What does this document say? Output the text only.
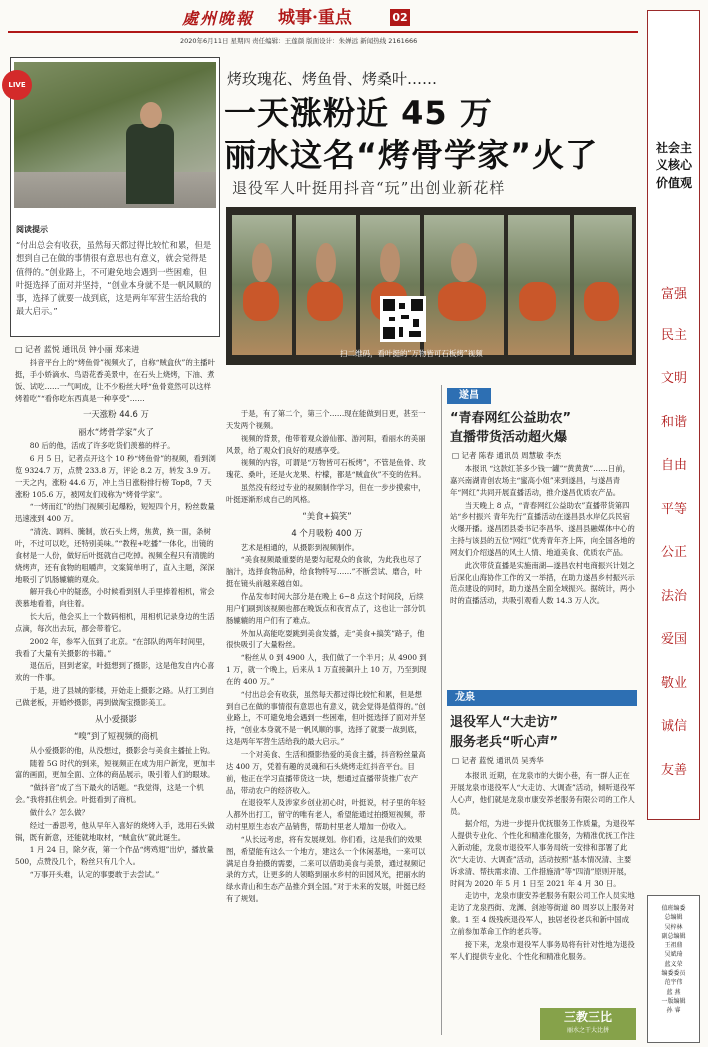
處州晚報 城事·重点	02
2020年6月11日 星期四 责任编辑：王莲颜 版面设计：朱婵远 新闻热线 2161666
LIVE
阅读提示
“付出总会有收获，虽然每天都过得比较忙和累，但是想到自己在做的事情很有意思也有意义，就会觉得是值得的。”创业路上，不可避免地会遇到一些困难，但叶挺选择了面对并坚持，“创业本身就不是一帆风顺的事，选择了就要一战到底，这是两年军营生活给我的最大启示。”
烤玫瑰花、烤鱼骨、烤桑叶……
一天涨粉近 45 万
丽水这名“烤骨学家”火了
退役军人叶挺用抖音“玩”出创业新花样
扫二维码，看叶挺的“万物皆可石板烤”视频
□ 记者 蓝悦 通讯员 钟小丽 郑来进

抖音平台上的“烤鱼骨”视频火了，自称“贼盒伙”的主播叶挺，手小娇滴水、鸟语花香美景中，在石头上烧烤，下油、煮饭、试吃……一气呵成，让不少粉丝大呼“鱼骨竟然可以这样烤着吃”“看你吃东西真是一种享受”……

一天涨粉 44.6 万

丽水“烤骨学家”火了

80 后的他，活成了许多吃货们羡慕的样子。

6 月 5 日，记者点开这个 10 秒“烤鱼骨”的视频，看到浏览 9324.7 万，点赞 233.8 万，评论 8.2 万，转发 3.9 万。一天之内，涨粉 44.6 万，冲上当日涨粉排行榜 Top8，7 天涨粉 105.6 万，被网友们戏称为“烤骨学家”。

“一烤而红”的热门视频引起爆粉，短短四个月，粉丝数量迅速涨到 400 万。

“清洗、调料、腌制，放石头上烤，焦黄，换一面，条树叶，不过可以吃，还特别美味。”“教程+吃播”一体化，出镜的食材是一人份，做好后叶挺就自己吃掉。视频全程只有清脆的烧烤声，还有食物的咀嚼声，文案简单明了，直入主题，深深地吸引了饥肠辘辘的观众。

解开我心中的疑惑，小时候看到别人手里捧着相机，常会羡慕地看着，向往着。

长大后，他会买上一个数码相机，用相机记录身边的生活点滴，每次出去玩，都会带着它。

2002 年，参军入伍到了北京。“在部队的两年时间里，我看了大量有关摄影的书籍。”

退伍后，回到老家，叶挺想到了摄影，这是他发自内心喜欢的一件事。

于是，进了县城的影楼，开始走上摄影之路。从打工到自己做老板，开婚纱摄影，再到做淘宝摄影美工。

从小爱摄影

“嗅”到了短视频的商机

从小爱摄影的他，从没想过，摄影会与美食主播扯上钩。

随着 5G 时代的到来，短视频正在成为用户新宠，更加丰富的画面，更加全面、立体的商品展示，吸引着人们的眼球。

“做抖音”成了当下最火的话题。“我觉得，这是一个机会。”我将抓住机会。叶挺看到了商机。

做什么？怎么做？

经过一番思考，他从早年入喜好的烧烤入手，选用石头做锅，既有新意，还能就地取材，“贼盒伙”就此诞生。

1 月 24 日，除夕夜，第一个作品“烤鸡翅”出炉，播放量 500，点赞没几个，粉丝只有几个人。

“万事开头难，认定的事要敢于去尝试。”

于是，有了第二个，第三个……现在能做到日更，甚至一天发两个视频。

视频的背景，他带着观众游仙都、游河阳，看丽水的美丽风景，给了观众们良好的观感享受。

视频的内容，可谓是“万物皆可石板烤”，不管是鱼骨、玫瑰花、桑叶，还是火龙果、柠檬，都是“贼盒伙”不变的佐料。

虽然没有经过专业的视频制作学习，但在一步步摸索中，叶挺逐渐形成自己的风格。

“美食+搞笑”

4 个月吸粉 400 万

艺术是相通的，从摄影到视频制作。

“美食视频最重要的是要勾起观众的食欲，为此我也尽了脑汁，选择食物品种，给食物特写……”不断尝试、磨合，叶挺在镜头前越来越自如。

作品发布时间大部分是在晚上 6~8 点这个时间段，后续用户们刷到该视频也都在晚饭点和夜宵点了，这也让一部分饥肠辘辘的用户们有了难点。

外加从高能吃耍跳到美食发播，走“美食+搞笑”路子，他很快吸引了大量粉丝。

“粉丝从 0 到 4900 人，我们做了一个半月；从 4900 到 1 万，就一个晚上，后来从 1 万直接飙升上 10 万，乃至到现在的 400 万。”

“付出总会有收获，虽然每天都过得比较忙和累，但是想到自己在做的事情很有意思也有意义，就会觉得是值得的。”创业路上，不可避免地会遇到一些困难，但叶挺选择了面对并坚持，“创业本身就不是一帆风顺的事，选择了就要一战到底，这是两年军营生活给我的最大启示。”

一个对美食、生活和摄影热爱的美食主播，抖音粉丝量高达 400 万，凭着有趣的灵魂和石头烧烤走红抖音平台。目前，他正在学习直播带货这一块，想通过直播带货推广农产品，带动农户的经济收入。

在退役军人及涉家乡创业初心时，叶挺说，村子里的年轻人都外出打工，留守的唯有老人，希望能通过拍摄短视频，带动村里原生态农产品销售，帮助村里老人增加一份收入。

“从长远考虑，将有发展规划。你们看，这是我们的效果图，希望能有这么一个地方，建这么一个休闲基地，一来可以满足自身拍摄的需要，二来可以借助美食与美景，通过视频记录的方式，让更多的人领略到丽水乡村的田园风光，把丽水的绿水青山和生态产品推介到全国。”对于未来的发展，叶挺已经有了规划。

遂昌
“青春网红公益助农”
直播带货活动超火爆
□ 记者 陈春 通讯员 周慧敏 李杰

本报讯 “这款红茶多少钱一罐”“黄黄黄”……日前，嘉兴南湖青创农场主“蜜高小姐”来到遂昌，与遂昌青年“网红”共同开展直播活动，推介遂昌优质农产品。

当天晚上 8 点，“青春网红公益助农”直播带货第四站“乡村振兴 青年先行”直播活动在遂昌县水岸亿兵民宿火爆开播。遂昌团县委书记李昌华、遂昌县融媒体中心的主持与该县的五位“网红”优秀青年齐上阵，向全国各地的网友们介绍遂昌的风土人情、地道美食、优质农产品。

此次带货直播是实施南湖—遂昌农村电商振兴计划之后深化山海协作工作的又一举措，在助力遂昌乡村振兴示范点建设的同时，助力遂昌全面全域振兴。据统计，两小时的直播活动，共吸引观看人数 14.3 万人次。

龙泉
退役军人“大走访”
服务老兵“听心声”
□ 记者 蓝悦 通讯员 吴秀华

本报讯 近期，在龙泉市的大街小巷，有一群人正在开展龙泉市退役军人“大走访、大调查”活动，倾听退役军人心声，他们就是龙泉市康安养老服务有限公司的工作人员。

据介绍，为进一步提升优抚服务工作质量，为退役军人提供专业化、个性化和精准化服务，为精准优抚工作注入新动能，龙泉市退役军人事务局统一安排和部署了此次“大走访、大调查”活动，活动按照“基本情况清、主要诉求清、帮扶需求清、工作措施清”等“四清”原则开展，时间为 2020 年 5 月 1 日至 2021 年 4 月 30 日。

走访中，龙泉市康安养老服务有限公司工作人员实地走访了龙泉西街、龙渊、剑池等街道 80 周岁以上服务对象。1 至 4 级残疾退役军人，独居老役老兵和新中国成立前参加革命工作的老兵等。

接下来，龙泉市退役军人事务局将有针对性地为退役军人们提供专业化、个性化和精准化服务。

社会主义核心价值观
富强
民主
文明
和谐
自由
平等
公正
法治
爱国
敬业
诚信
友善
值班编委
总编辑
吴梓林
副总编辑
王祖鼎
吴斌琦
蓝义荣
编委委员
范宇伟
蓝 燕
一版编辑
孙 睿
三教三比
丽水之干大比拼
